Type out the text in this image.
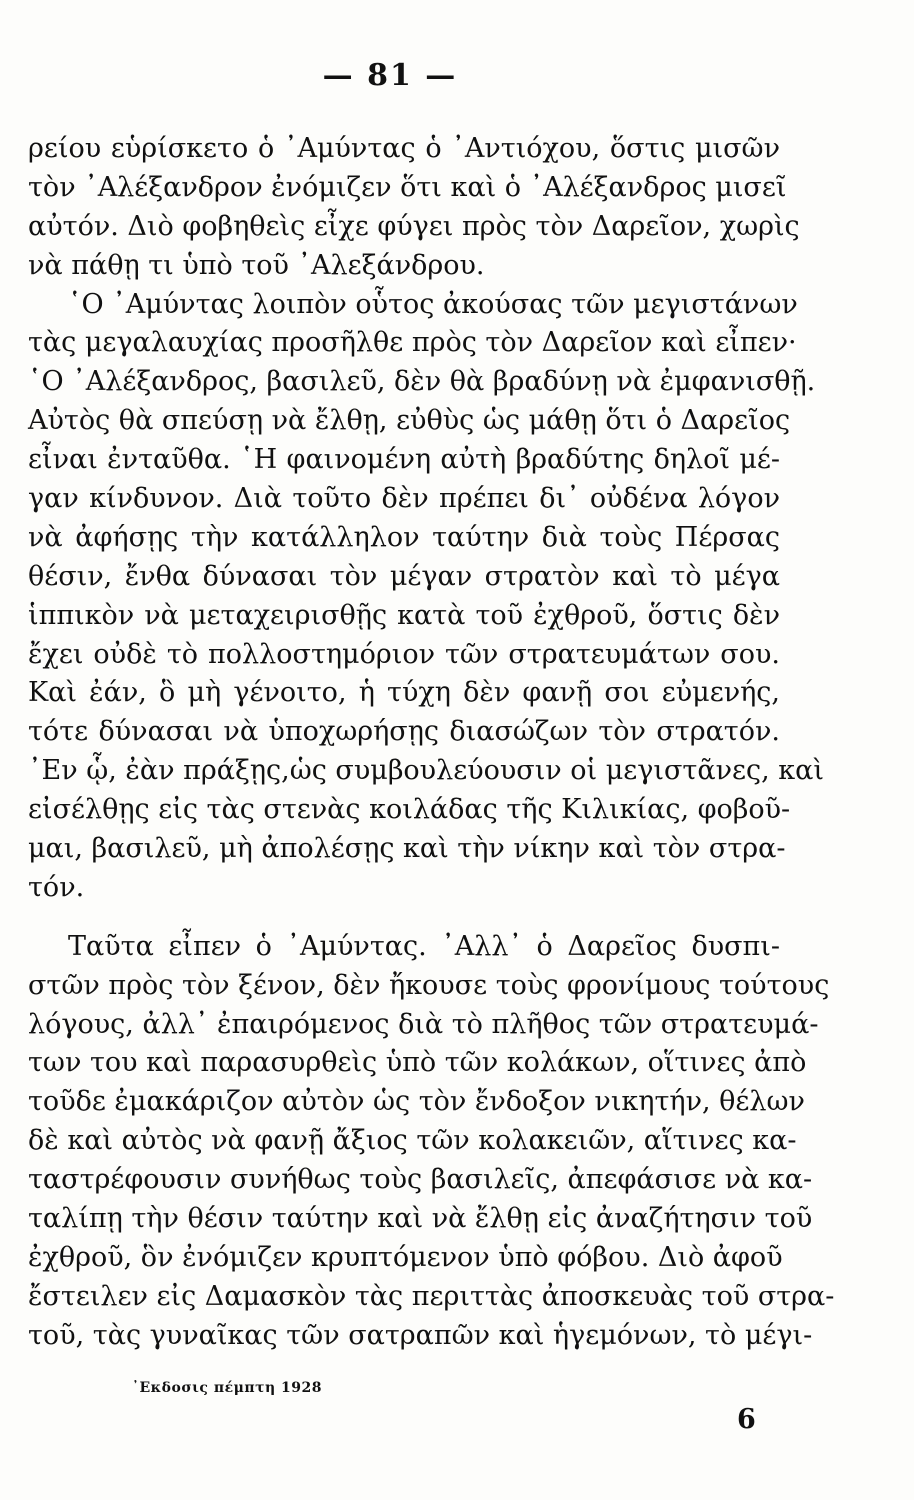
— 81 —
ρείου εὑρίσκετο ὁ ᾿Αμύντας ὁ ᾿Αντιόχου, ὅστις μισῶν
τὸν ᾿Αλέξανδρον ἐνόμιζεν ὅτι καὶ ὁ ᾿Αλέξανδρος μισεῖ
αὐτόν. Διὸ φοβηθεὶς εἶχε φύγει πρὸς τὸν Δαρεῖον, χωρὶς
νὰ πάθῃ τι ὑπὸ τοῦ ᾿Αλεξάνδρου.
῾Ο ᾿Αμύντας λοιπὸν οὗτος ἀκούσας τῶν μεγιστάνων
τὰς μεγαλαυχίας προσῆλθε πρὸς τὸν Δαρεῖον καὶ εἶπεν·
῾Ο ᾿Αλέξανδρος, βασιλεῦ, δὲν θὰ βραδύνῃ νὰ ἐμφανισθῇ.
Αὐτὸς θὰ σπεύσῃ νὰ ἔλθῃ, εὐθὺς ὡς μάθῃ ὅτι ὁ Δαρεῖος
εἶναι ἐνταῦθα. ῾Η φαινομένη αὐτὴ βραδύτης δηλοῖ μέ-
γαν κίνδυνον. Διὰ τοῦτο δὲν πρέπει δι᾿ οὐδένα λόγον
νὰ ἀφήσῃς τὴν κατάλληλον ταύτην διὰ τοὺς Πέρσας
θέσιν, ἔνθα δύνασαι τὸν μέγαν στρατὸν καὶ τὸ μέγα
ἱππικὸν νὰ μεταχειρισθῇς κατὰ τοῦ ἐχθροῦ, ὅστις δὲν
ἔχει οὐδὲ τὸ πολλοστημόριον τῶν στρατευμάτων σου.
Καὶ ἐάν, ὃ μὴ γένοιτο, ἡ τύχη δὲν φανῇ σοι εὐμενής,
τότε δύνασαι νὰ ὑποχωρήσῃς διασώζων τὸν στρατόν.
᾿Εν ᾧ, ἐὰν πράξῃς,ὡς συμβουλεύουσιν οἱ μεγιστᾶνες, καὶ
εἰσέλθῃς εἰς τὰς στενὰς κοιλάδας τῆς Κιλικίας, φοβοῦ-
μαι, βασιλεῦ, μὴ ἀπολέσῃς καὶ τὴν νίκην καὶ τὸν στρα-
τόν.
Ταῦτα εἶπεν ὁ ᾿Αμύντας. ᾿Αλλ᾿ ὁ Δαρεῖος δυσπι-
στῶν πρὸς τὸν ξένον, δὲν ἤκουσε τοὺς φρονίμους τούτους
λόγους, ἀλλ᾿ ἐπαιρόμενος διὰ τὸ πλῆθος τῶν στρατευμά-
των του καὶ παρασυρθεὶς ὑπὸ τῶν κολάκων, οἵτινες ἀπὸ
τοῦδε ἐμακάριζον αὐτὸν ὡς τὸν ἔνδοξον νικητήν, θέλων
δὲ καὶ αὐτὸς νὰ φανῇ ἄξιος τῶν κολακειῶν, αἵτινες κα-
ταστρέφουσιν συνήθως τοὺς βασιλεῖς, ἀπεφάσισε νὰ κα-
ταλίπῃ τὴν θέσιν ταύτην καὶ νὰ ἔλθῃ εἰς ἀναζήτησιν τοῦ
ἐχθροῦ, ὃν ἐνόμιζεν κρυπτόμενον ὑπὸ φόβου. Διὸ ἀφοῦ
ἔστειλεν εἰς Δαμασκὸν τὰς περιττὰς ἀποσκευὰς τοῦ στρα-
τοῦ, τὰς γυναῖκας τῶν σατραπῶν καὶ ἡγεμόνων, τὸ μέγι-
᾿Εκδοσις πέμπτη 1928
6
